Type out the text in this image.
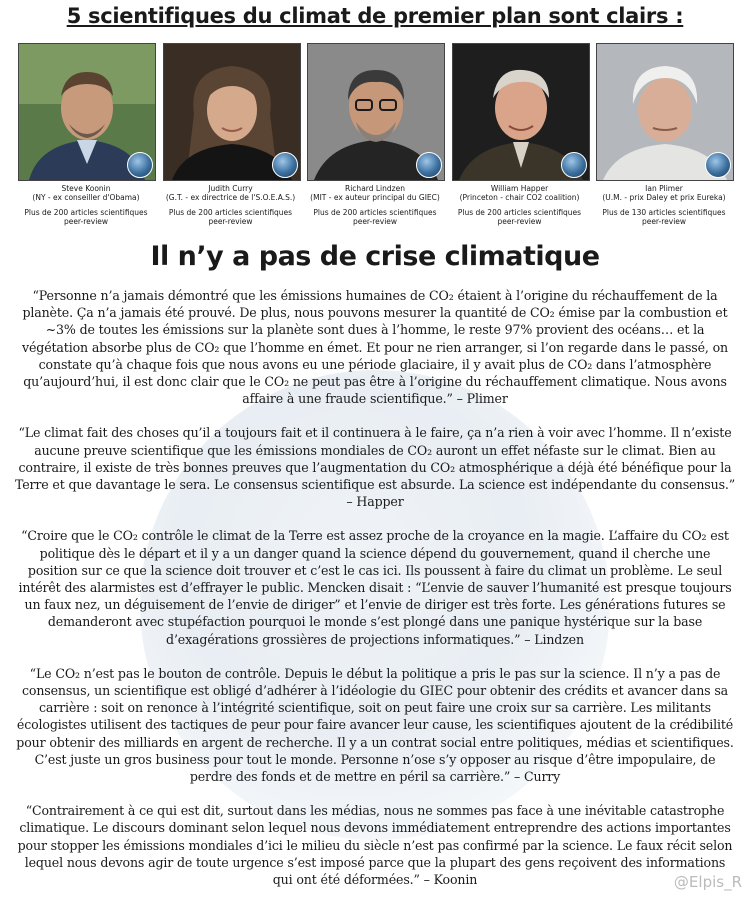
5 scientifiques du climat de premier plan sont clairs :
Steve Koonin
(NY - ex conseiller d'Obama)
Plus de 200 articles scientifiques peer-review
Judith Curry
(G.T. - ex directrice de l'S.O.E.A.S.)
Plus de 200 articles scientifiques peer-review
Richard Lindzen
(MIT - ex auteur principal du GIEC)
Plus de 200 articles scientifiques peer-review
William Happer
(Princeton - chair CO2 coalition)
Plus de 200 articles scientifiques peer-review
Ian Plimer
(U.M. - prix Daley et prix Eureka)
Plus de 130 articles scientifiques peer-review
Il n’y a pas de crise climatique

“Personne n’a jamais démontré que les émissions humaines de CO₂ étaient à l’origine du réchauffement de la planète. Ça n’a jamais été prouvé. De plus, nous pouvons mesurer la quantité de CO₂ émise par la combustion et ~3% de toutes les émissions sur la planète sont dues à l’homme, le reste 97% provient des océans… et la végétation absorbe plus de CO₂ que l’homme en émet. Et pour ne rien arranger, si l’on regarde dans le passé, on constate qu’à chaque fois que nous avons eu une période glaciaire, il y avait plus de CO₂ dans l’atmosphère qu’aujourd’hui, il est donc clair que le CO₂ ne peut pas être à l’origine du réchauffement climatique. Nous avons affaire à une fraude scientifique.” – Plimer

“Le climat fait des choses qu’il a toujours fait et il continuera à le faire, ça n’a rien à voir avec l’homme. Il n’existe aucune preuve scientifique que les émissions mondiales de CO₂ auront un effet néfaste sur le climat. Bien au contraire, il existe de très bonnes preuves que l’augmentation du CO₂ atmosphérique a déjà été bénéfique pour la Terre et que davantage le sera. Le consensus scientifique est absurde. La science est indépendante du consensus.” – Happer

“Croire que le CO₂ contrôle le climat de la Terre est assez proche de la croyance en la magie. L’affaire du CO₂ est politique dès le départ et il y a un danger quand la science dépend du gouvernement, quand il cherche une position sur ce que la science doit trouver et c’est le cas ici. Ils poussent à faire du climat un problème. Le seul intérêt des alarmistes est d’effrayer le public. Mencken disait : “L’envie de sauver l’humanité est presque toujours un faux nez, un déguisement de l’envie de diriger” et l’envie de diriger est très forte. Les générations futures se demanderont avec stupéfaction pourquoi le monde s’est plongé dans une panique hystérique sur la base d’exagérations grossières de projections informatiques.” – Lindzen

“Le CO₂ n’est pas le bouton de contrôle. Depuis le début la politique a pris le pas sur la science. Il n’y a pas de consensus, un scientifique est obligé d’adhérer à l’idéologie du GIEC pour obtenir des crédits et avancer dans sa carrière : soit on renonce à l’intégrité scientifique, soit on peut faire une croix sur sa carrière. Les militants écologistes utilisent des tactiques de peur pour faire avancer leur cause, les scientifiques ajoutent de la crédibilité pour obtenir des milliards en argent de recherche. Il y a un contrat social entre politiques, médias et scientifiques. C’est juste un gros business pour tout le monde. Personne n’ose s’y opposer au risque d’être impopulaire, de perdre des fonds et de mettre en péril sa carrière.” – Curry

“Contrairement à ce qui est dit, surtout dans les médias, nous ne sommes pas face à une inévitable catastrophe climatique. Le discours dominant selon lequel nous devons immédiatement entreprendre des actions importantes pour stopper les émissions mondiales d’ici le milieu du siècle n’est pas confirmé par la science. Le faux récit selon lequel nous devons agir de toute urgence s’est imposé parce que la plupart des gens reçoivent des informations qui ont été déformées.” – Koonin	@Elpis_R
